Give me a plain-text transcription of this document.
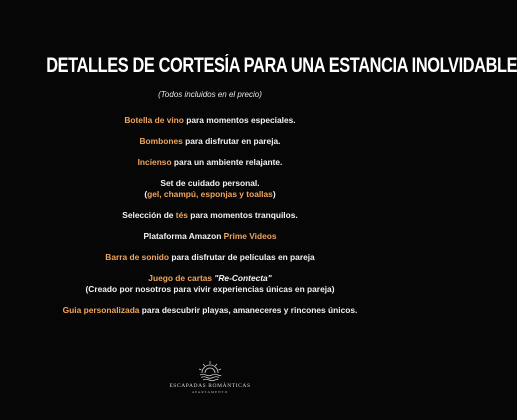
DETALLES DE CORTESÍA PARA UNA ESTANCIA INOLVIDABLE
(Todos incluidos en el precio)

Botella de vino para momentos especiales.

Bombones para disfrutar en pareja.

Incienso para un ambiente relajante.

Set de cuidado personal.
(gel, champú, esponjas y toallas)

Selección de tés para momentos tranquilos.

Plataforma Amazon Prime Videos

Barra de sonido para disfrutar de películas en pareja

Juego de cartas "Re-Contecta"
(Creado por nosotros para vivir experiencias únicas en pareja)

Guia personalizada para descubrir playas, amaneceres y rincones únicos.

ESCAPADAS ROMÁNTICAS
APARTAMENTO
